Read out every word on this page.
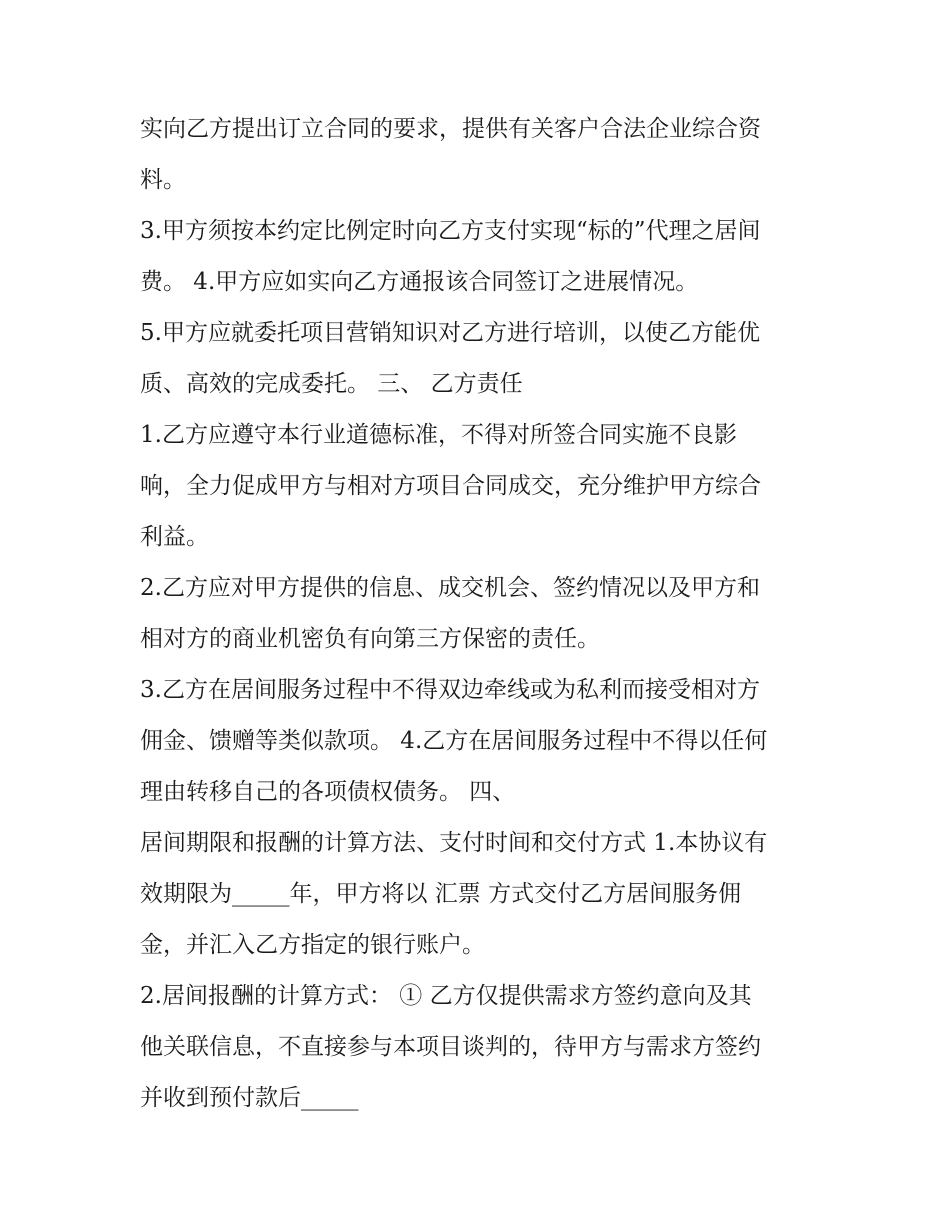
实向乙方提出订立合同的要求，提供有关客户合法企业综合资
料。
3.甲方须按本约定比例定时向乙方支付实现“标的”代理之居间
费。 4.甲方应如实向乙方通报该合同签订之进展情况。
5.甲方应就委托项目营销知识对乙方进行培训，以使乙方能优
质、高效的完成委托。 三、 乙方责任
1.乙方应遵守本行业道德标准，不得对所签合同实施不良影
响，全力促成甲方与相对方项目合同成交，充分维护甲方综合
利益。
2.乙方应对甲方提供的信息、成交机会、签约情况以及甲方和
相对方的商业机密负有向第三方保密的责任。
3.乙方在居间服务过程中不得双边牵线或为私利而接受相对方
佣金、馈赠等类似款项。 4.乙方在居间服务过程中不得以任何
理由转移自己的各项债权债务。 四、
居间期限和报酬的计算方法、支付时间和交付方式 1.本协议有
效期限为_____年，甲方将以 汇票 方式交付乙方居间服务佣
金，并汇入乙方指定的银行账户。
2.居间报酬的计算方式： ① 乙方仅提供需求方签约意向及其
他关联信息，不直接参与本项目谈判的，待甲方与需求方签约
并收到预付款后_____
